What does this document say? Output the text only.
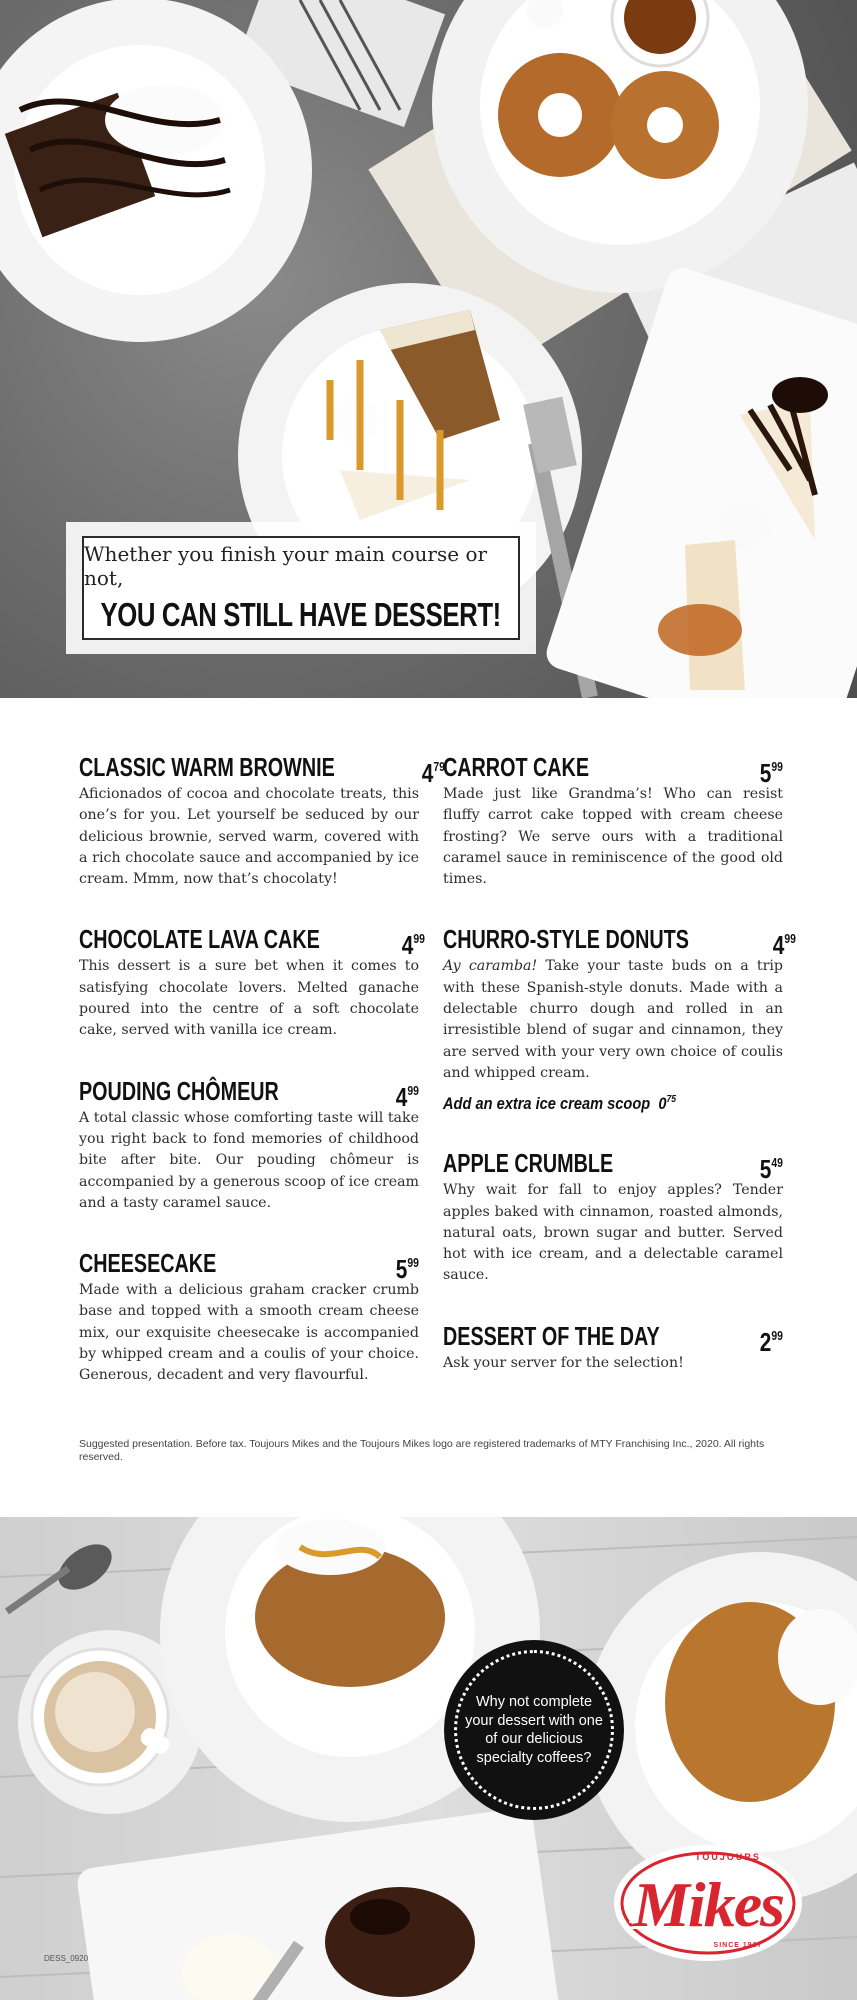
Whether you finish your main course or not,
YOU CAN STILL HAVE DESSERT!
CLASSIC WARM BROWNIE	$4^{79}$

Aficionados of cocoa and chocolate treats, this one’s for you. Let yourself be seduced by our delicious brownie, served warm, covered with a rich chocolate sauce and accompanied by ice cream. Mmm, now that’s chocolaty!

CHOCOLATE LAVA CAKE	$4^{99}$

This dessert is a sure bet when it comes to satisfying chocolate lovers. Melted ganache poured into the centre of a soft chocolate cake, served with vanilla ice cream.

POUDING CHÔMEUR	$4^{99}$

A total classic whose comforting taste will take you right back to fond memories of childhood bite after bite. Our pouding chômeur is accompanied by a generous scoop of ice cream and a tasty caramel sauce.

CHEESECAKE	$5^{99}$

Made with a delicious graham cracker crumb base and topped with a smooth cream cheese mix, our exquisite cheesecake is accompanied by whipped cream and a coulis of your choice. Generous, decadent and very flavourful.

CARROT CAKE	$5^{99}$

Made just like Grandma’s! Who can resist fluffy carrot cake topped with cream cheese frosting? We serve ours with a traditional caramel sauce in reminiscence of the good old times.

CHURRO-STYLE DONUTS	$4^{99}$

Ay caramba! Take your taste buds on a trip with these Spanish-style donuts. Made with a delectable churro dough and rolled in an irresistible blend of sugar and cinnamon, they are served with your very own choice of coulis and whipped cream.

Add an extra ice cream scoop $0^{75}$
APPLE CRUMBLE	$5^{49}$

Why wait for fall to enjoy apples? Tender apples baked with cinnamon, roasted almonds, natural oats, brown sugar and butter. Served hot with ice cream, and a delectable caramel sauce.

DESSERT OF THE DAY	$2^{99}$

Ask your server for the selection!

Suggested presentation. Before tax. Toujours Mikes and the Toujours Mikes logo are registered trademarks of MTY Franchising Inc., 2020. All rights reserved.
Why not complete your dessert with one of our delicious specialty coffees?
TOUJOURS
Mikes
SINCE 1967
DESS_0920
